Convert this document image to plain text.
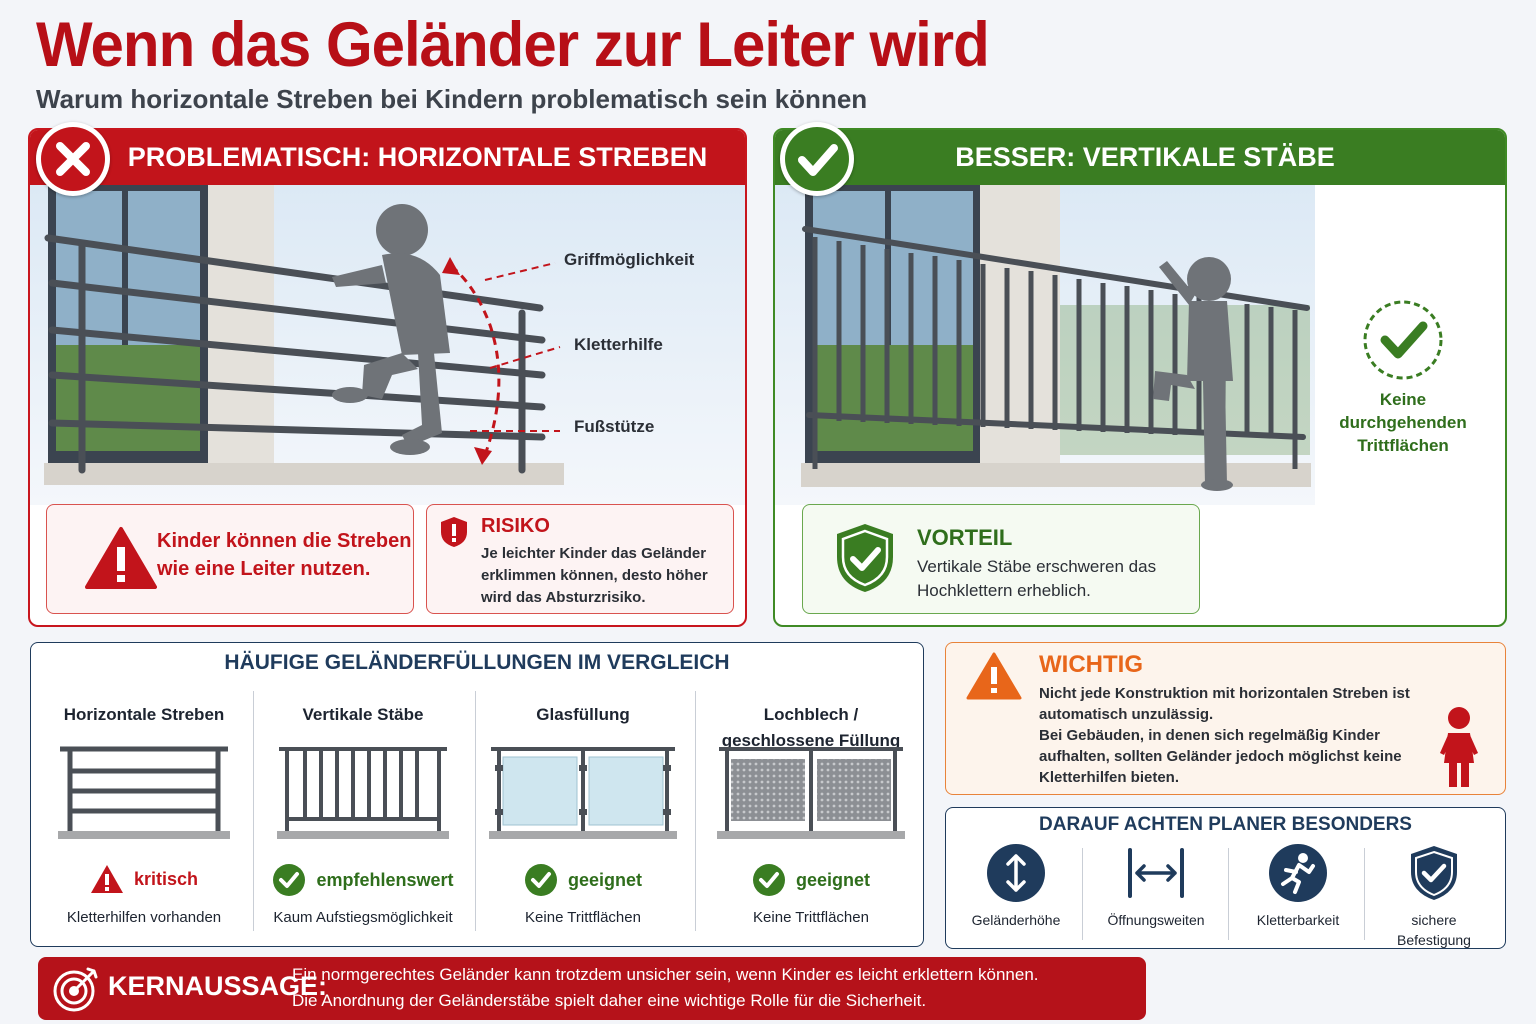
Wenn das Geländer zur Leiter wird
Warum horizontale Streben bei Kindern problematisch sein können
PROBLEMATISCH: HORIZONTALE STREBEN
Griffmöglichkeit
Kletterhilfe
Fußstütze
Kinder können die Streben
wie eine Leiter nutzen.
RISIKO
Je leichter Kinder das Geländer
erklimmen können, desto höher
wird das Absturzrisiko.
BESSER: VERTIKALE STÄBE
Keine
durchgehenden
Trittflächen
VORTEIL
Vertikale Stäbe erschweren das
Hochklettern erheblich.
HÄUFIGE GELÄNDERFÜLLUNGEN IM VERGLEICH
Horizontale Streben
kritisch
Kletterhilfen vorhanden
Vertikale Stäbe
empfehlenswert
Kaum Aufstiegsmöglichkeit
Glasfüllung
geeignet
Keine Trittflächen
Lochblech /
geschlossene Füllung
geeignet
Keine Trittflächen
WICHTIG
Nicht jede Konstruktion mit horizontalen Streben ist
automatisch unzulässig.
Bei Gebäuden, in denen sich regelmäßig Kinder
aufhalten, sollten Geländer jedoch möglichst keine
Kletterhilfen bieten.
DARAUF ACHTEN PLANER BESONDERS
Geländerhöhe	Öffnungsweiten	Kletterbarkeit	sichere
Befestigung
KERNAUSSAGE:
Ein normgerechtes Geländer kann trotzdem unsicher sein, wenn Kinder es leicht erklettern können.
Die Anordnung der Geländerstäbe spielt daher eine wichtige Rolle für die Sicherheit.
